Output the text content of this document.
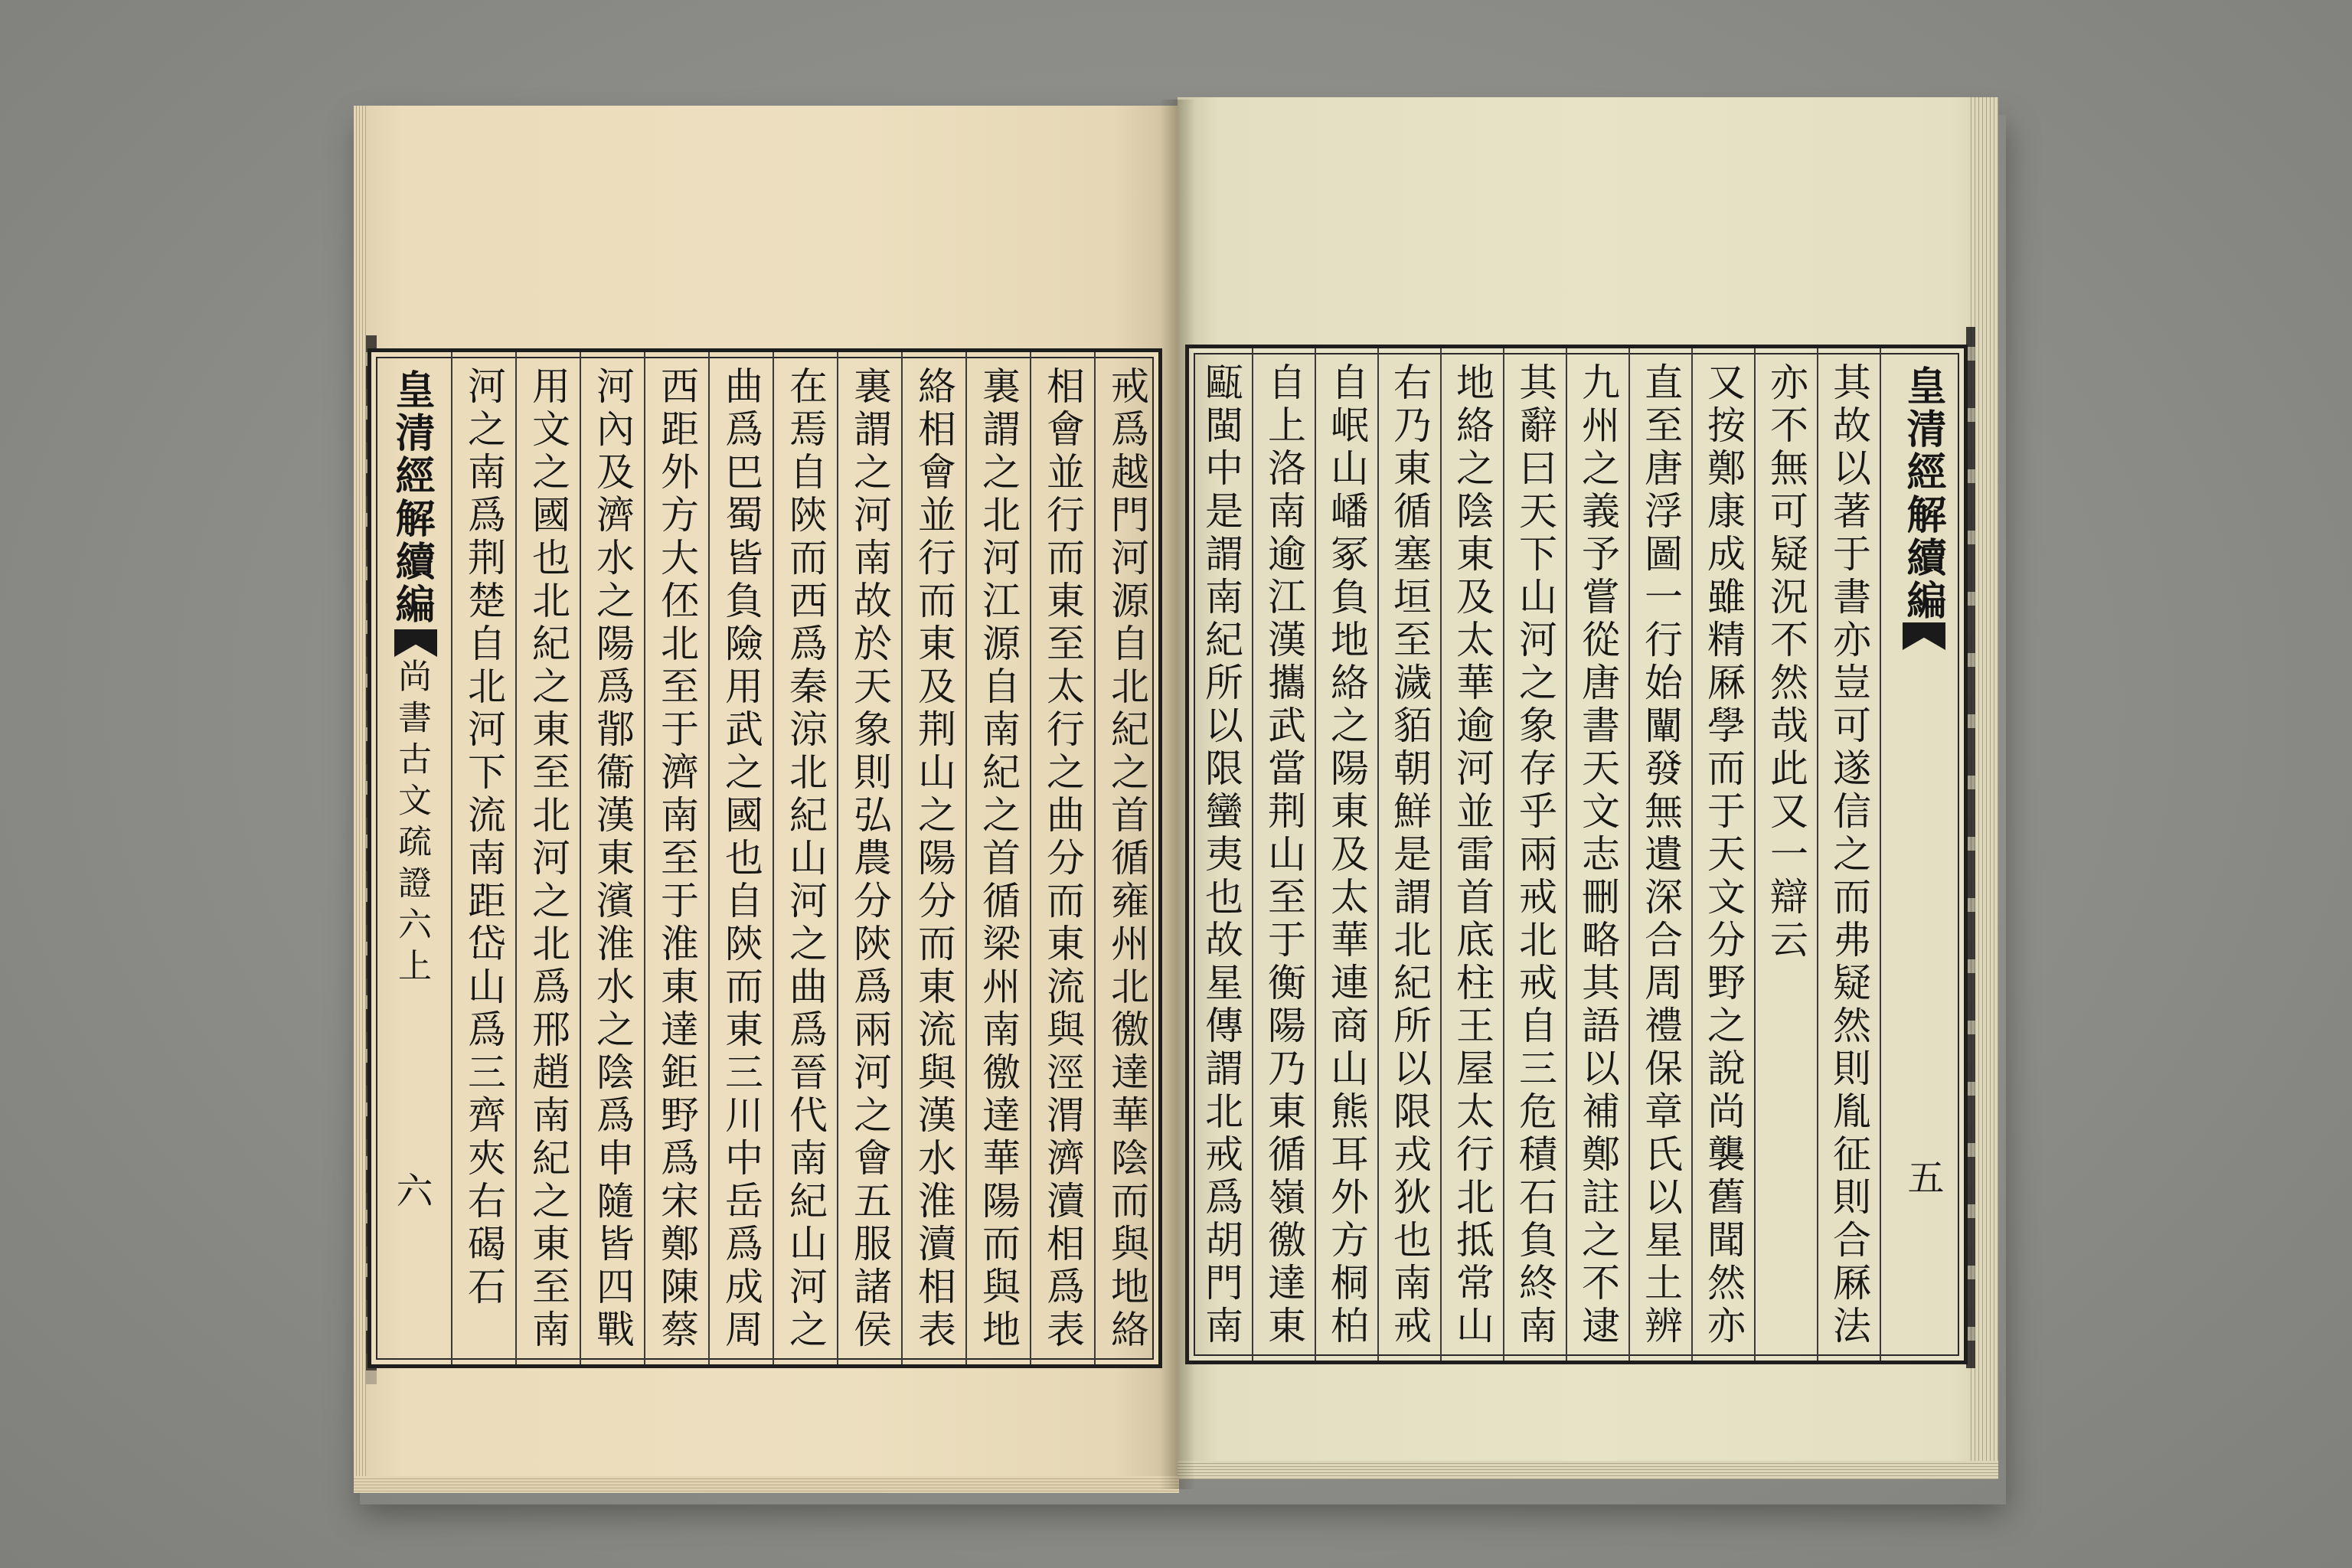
戒爲越門河源自北紀之首循雍州北徼達華陰而與地絡
相會並行而東至太行之曲分而東流與涇渭濟瀆相爲表
裏謂之北河江源自南紀之首循梁州南徼達華陽而與地
絡相會並行而東及荆山之陽分而東流與漢水淮瀆相表
裏謂之河南故於天象則弘農分陝爲兩河之會五服諸侯
在焉自陝而西爲秦涼北紀山河之曲爲晉代南紀山河之
曲爲巴蜀皆負險用武之國也自陝而東三川中岳爲成周
西距外方大伾北至于濟南至于淮東達鉅野爲宋鄭陳蔡
河內及濟水之陽爲鄁衞漢東濱淮水之陰爲申隨皆四戰
用文之國也北紀之東至北河之北爲邢趙南紀之東至南
河之南爲荆楚自北河下流南距岱山爲三齊夾右碣石
皇清經解續編
尚書古文疏證六上
六
皇清經解續編
五
其故以著于書亦豈可遂信之而弗疑然則胤征則合厤法
亦不無可疑況不然哉此又一辯云
又按鄭康成雖精厤學而于天文分野之說尚襲舊聞然亦
直至唐浮圖一行始闡發無遺深合周禮保章氏以星土辨
九州之義予嘗從唐書天文志刪略其語以補鄭註之不逮
其辭曰天下山河之象存乎兩戒北戒自三危積石負終南
地絡之陰東及太華逾河並雷首底柱王屋太行北抵常山
右乃東循塞垣至濊貊朝鮮是謂北紀所以限戎狄也南戒
自岷山嶓冢負地絡之陽東及太華連商山熊耳外方桐柏
自上洛南逾江漢攜武當荆山至于衡陽乃東循嶺徼達東
甌閩中是謂南紀所以限蠻夷也故星傳謂北戒爲胡門南
